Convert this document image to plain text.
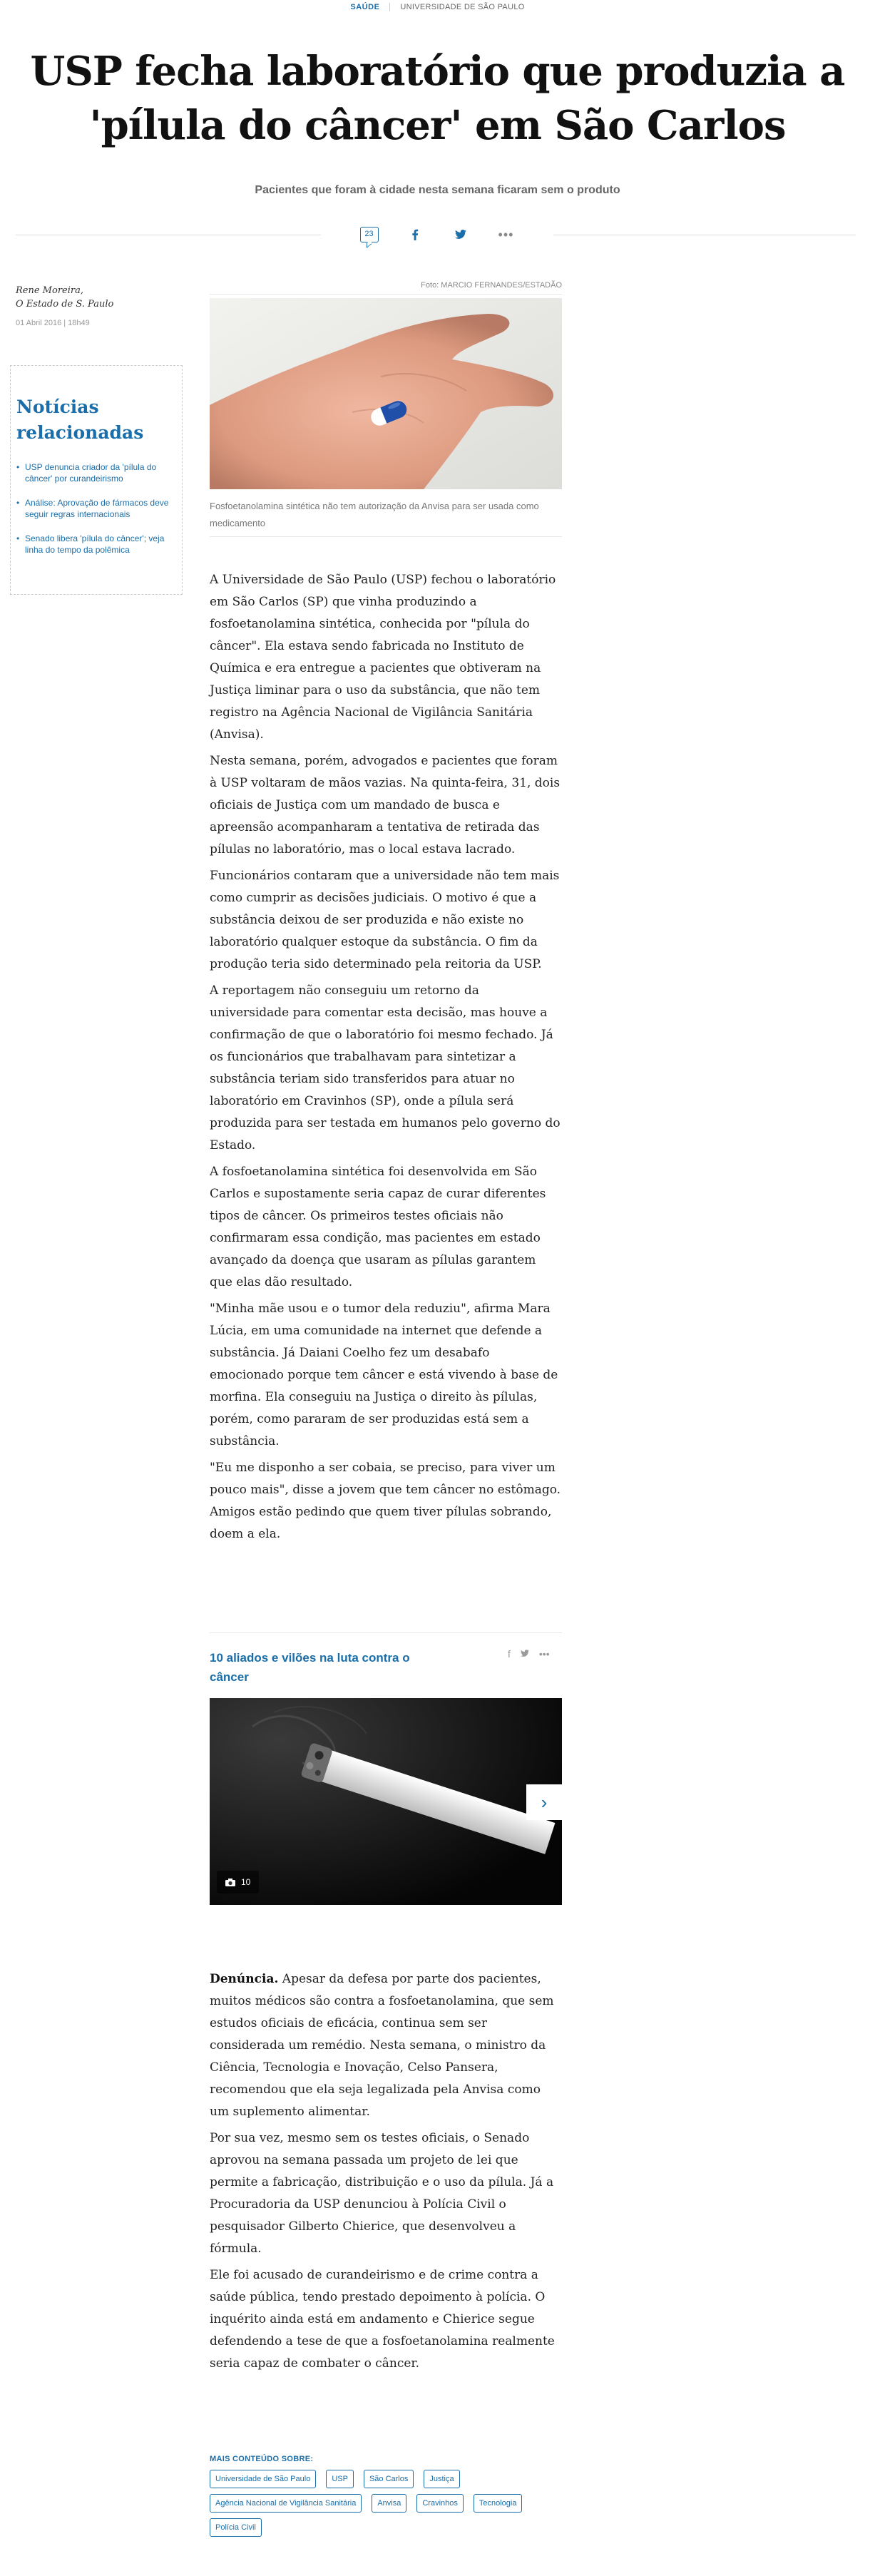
SAÚDE	UNIVERSIDADE DE SÃO PAULO
USP fecha laboratório que produzia a
'pílula do câncer' em São Carlos
Pacientes que foram à cidade nesta semana ficaram sem o produto
23	•••
Rene Moreira,
O Estado de S. Paulo
01 Abril 2016 | 18h49
Notícias
relacionadas
• USP denuncia criador da 'pílula do câncer' por curandeirismo
• Análise: Aprovação de fármacos deve seguir regras internacionais
• Senado libera 'pílula do câncer'; veja linha do tempo da polêmica
Foto: MARCIO FERNANDES/ESTADÃO
Fosfoetanolamina sintética não tem autorização da Anvisa para ser usada como medicamento

A Universidade de São Paulo (USP) fechou o laboratório em São Carlos (SP) que vinha produzindo a fosfoetanolamina sintética, conhecida por "pílula do câncer". Ela estava sendo fabricada no Instituto de Química e era entregue a pacientes que obtiveram na Justiça liminar para o uso da substância, que não tem registro na Agência Nacional de Vigilância Sanitária (Anvisa).

Nesta semana, porém, advogados e pacientes que foram à USP voltaram de mãos vazias. Na quinta-feira, 31, dois oficiais de Justiça com um mandado de busca e apreensão acompanharam a tentativa de retirada das pílulas no laboratório, mas o local estava lacrado.

Funcionários contaram que a universidade não tem mais como cumprir as decisões judiciais. O motivo é que a substância deixou de ser produzida e não existe no laboratório qualquer estoque da substância. O fim da produção teria sido determinado pela reitoria da USP.

A reportagem não conseguiu um retorno da universidade para comentar esta decisão, mas houve a confirmação de que o laboratório foi mesmo fechado. Já os funcionários que trabalhavam para sintetizar a substância teriam sido transferidos para atuar no laboratório em Cravinhos (SP), onde a pílula será produzida para ser testada em humanos pelo governo do Estado.

A fosfoetanolamina sintética foi desenvolvida em São Carlos e supostamente seria capaz de curar diferentes tipos de câncer. Os primeiros testes oficiais não confirmaram essa condição, mas pacientes em estado avançado da doença que usaram as pílulas garantem que elas dão resultado.

"Minha mãe usou e o tumor dela reduziu", afirma Mara Lúcia, em uma comunidade na internet que defende a substância. Já Daiani Coelho fez um desabafo emocionado porque tem câncer e está vivendo à base de morfina. Ela conseguiu na Justiça o direito às pílulas, porém, como pararam de ser produzidas está sem a substância.

"Eu me disponho a ser cobaia, se preciso, para viver um pouco mais", disse a jovem que tem câncer no estômago. Amigos estão pedindo que quem tiver pílulas sobrando, doem a ela.

10 aliados e vilões na luta contra o câncer
f	•••
›
10

Denúncia. Apesar da defesa por parte dos pacientes, muitos médicos são contra a fosfoetanolamina, que sem estudos oficiais de eficácia, continua sem ser considerada um remédio. Nesta semana, o ministro da Ciência, Tecnologia e Inovação, Celso Pansera, recomendou que ela seja legalizada pela Anvisa como um suplemento alimentar.

Por sua vez, mesmo sem os testes oficiais, o Senado aprovou na semana passada um projeto de lei que permite a fabricação, distribuição e o uso da pílula. Já a Procuradoria da USP denunciou à Polícia Civil o pesquisador Gilberto Chierice, que desenvolveu a fórmula.

Ele foi acusado de curandeirismo e de crime contra a saúde pública, tendo prestado depoimento à polícia. O inquérito ainda está em andamento e Chierice segue defendendo a tese de que a fosfoetanolamina realmente seria capaz de combater o câncer.

MAIS CONTEÚDO SOBRE:
Universidade de São Paulo	USP	São Carlos	Justiça
Agência Nacional de Vigilância Sanitária	Anvisa	Cravinhos	Tecnologia
Polícia Civil
